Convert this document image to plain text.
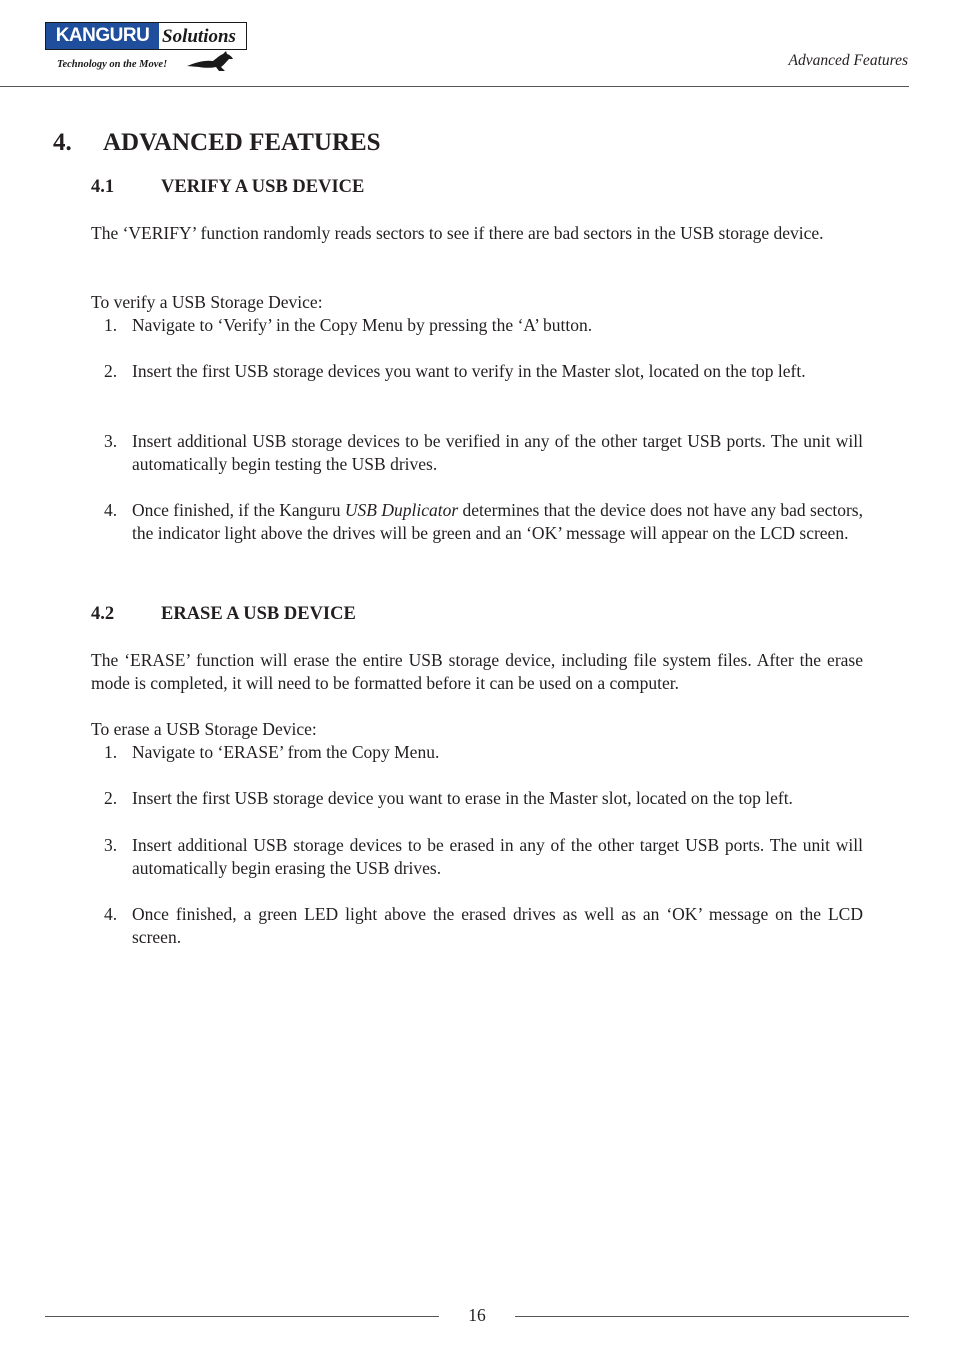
KANGURU Solutions
Technology on the Move!	Advanced Features
4. ADVANCED FEATURES
4.1	VERIFY A USB DEVICE
The ‘VERIFY’ function randomly reads sectors to see if there are bad sectors in the USB storage device.
To verify a USB Storage Device:
1. Navigate to ‘Verify’ in the Copy Menu by pressing the ‘A’ button.
2. Insert the first USB storage devices you want to verify in the Master slot, located on the top left.
3. Insert additional USB storage devices to be verified in any of the other target USB ports. The unit will automatically begin testing the USB drives.
4. Once finished, if the Kanguru USB Duplicator determines that the device does not have any bad sectors, the indicator light above the drives will be green and an ‘OK’ message will appear on the LCD screen.
4.2	ERASE A USB DEVICE
The ‘ERASE’ function will erase the entire USB storage device, including file system files. After the erase mode is completed, it will need to be formatted before it can be used on a computer.
To erase a USB Storage Device:
1. Navigate to ‘ERASE’ from the Copy Menu.
2. Insert the first USB storage device you want to erase in the Master slot, located on the top left.
3. Insert additional USB storage devices to be erased in any of the other target USB ports. The unit will automatically begin erasing the USB drives.
4. Once finished, a green LED light above the erased drives as well as an ‘OK’ message on the LCD screen.
16
